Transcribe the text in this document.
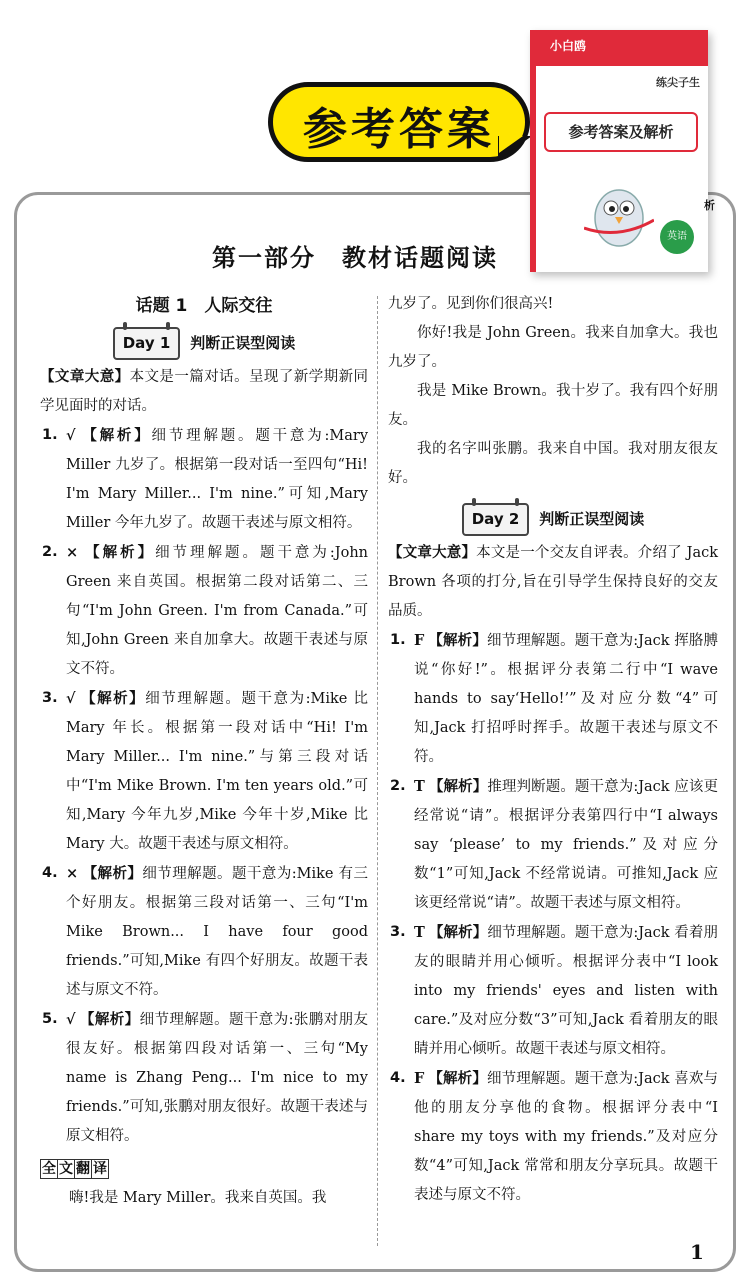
参考答案
小白鸥
练尖子生
参考答案及解析
英语
析
第一部分　教材话题阅读
话题 1　人际交往
Day 1 判断正误型阅读

【文章大意】本文是一篇对话。呈现了新学期新同学见面时的对话。

1. √ 【解析】细节理解题。题干意为:Mary Miller 九岁了。根据第一段对话一至四句“Hi! I'm Mary Miller... I'm nine.”可知,Mary Miller 今年九岁了。故题干表述与原文相符。
2. × 【解析】细节理解题。题干意为:John Green 来自英国。根据第二段对话第二、三句“I'm John Green. I'm from Canada.”可知,John Green 来自加拿大。故题干表述与原文不符。
3. √ 【解析】细节理解题。题干意为:Mike 比 Mary 年长。根据第一段对话中“Hi! I'm Mary Miller... I'm nine.”与第三段对话中“I'm Mike Brown. I'm ten years old.”可知,Mary 今年九岁,Mike 今年十岁,Mike 比 Mary 大。故题干表述与原文相符。
4. × 【解析】细节理解题。题干意为:Mike 有三个好朋友。根据第三段对话第一、三句“I'm Mike Brown... I have four good friends.”可知,Mike 有四个好朋友。故题干表述与原文不符。
5. √ 【解析】细节理解题。题干意为:张鹏对朋友很友好。根据第四段对话第一、三句“My name is Zhang Peng... I'm nice to my friends.”可知,张鹏对朋友很好。故题干表述与原文相符。
全 文 翻 译

嗨!我是 Mary Miller。我来自英国。我

九岁了。见到你们很高兴!

你好!我是 John Green。我来自加拿大。我也九岁了。

我是 Mike Brown。我十岁了。我有四个好朋友。

我的名字叫张鹏。我来自中国。我对朋友很友好。

Day 2 判断正误型阅读

【文章大意】本文是一个交友自评表。介绍了 Jack Brown 各项的打分,旨在引导学生保持良好的交友品质。

1. F 【解析】细节理解题。题干意为:Jack 挥胳膊说“你好!”。根据评分表第二行中“I wave hands to say‘Hello!’”及对应分数“4”可知,Jack 打招呼时挥手。故题干表述与原文不符。
2. T 【解析】推理判断题。题干意为:Jack 应该更经常说“请”。根据评分表第四行中“I always say ‘please’ to my friends.”及对应分数“1”可知,Jack 不经常说请。可推知,Jack 应该更经常说“请”。故题干表述与原文相符。
3. T 【解析】细节理解题。题干意为:Jack 看着朋友的眼睛并用心倾听。根据评分表中“I look into my friends' eyes and listen with care.”及对应分数“3”可知,Jack 看着朋友的眼睛并用心倾听。故题干表述与原文相符。
4. F 【解析】细节理解题。题干意为:Jack 喜欢与他的朋友分享他的食物。根据评分表中“I share my toys with my friends.”及对应分数“4”可知,Jack 常常和朋友分享玩具。故题干表述与原文不符。
1
